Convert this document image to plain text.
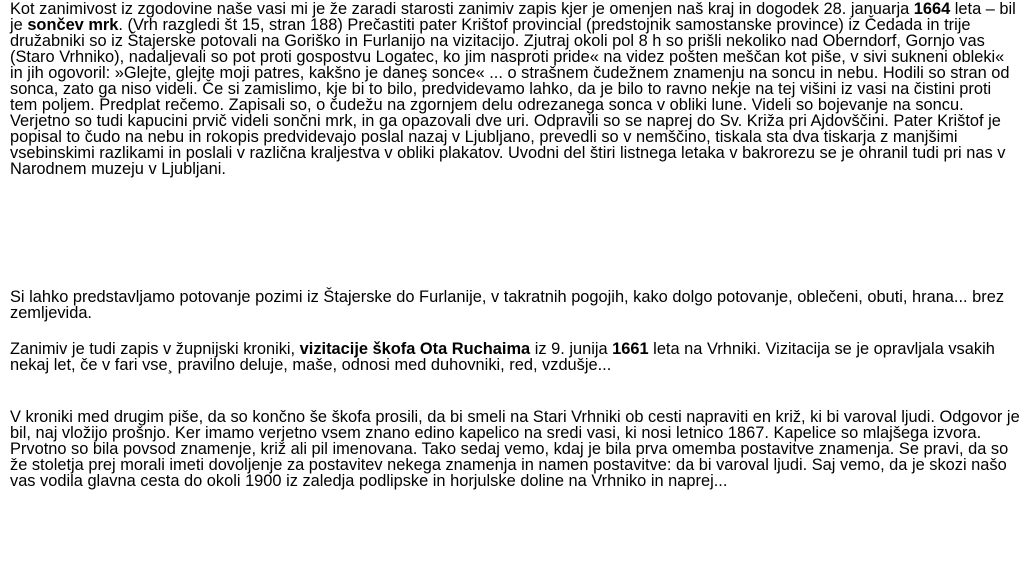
Kot zanimivost iz zgodovine naše vasi mi je že zaradi starosti zanimiv zapis kjer je omenjen naš kraj in dogodek 28. januarja 1664 leta – bil je sončev mrk. (Vrh razgledi št 15, stran 188) Prečastiti pater Krištof provincial (predstojnik samostanske province) iz Čedada in trije družabniki so iz Štajerske potovali na Goriško in Furlanijo na vizitacijo. Zjutraj okoli pol 8 h so prišli nekoliko nad Oberndorf, Gornjo vas (Staro Vrhniko), nadaljevali so pot proti gospostvu Logatec, ko jim nasproti pride« na videz pošten meščan kot piše, v sivi sukneni obleki« in jih ogovoril: »Glejte, glejte moji patres, kakšno je daneş sonce« ... o strašnem čudežnem znamenju na soncu in nebu. Hodili so stran od sonca, zato ga niso videli. Če si zamislimo, kje bi to bilo, predvidevamo lahko, da je bilo to ravno nekje na tej višini iz vasi na čistini proti tem poljem. Predplat rečemo. Zapisali so, o čudežu na zgornjem delu odrezanega sonca v obliki lune. Videli so bojevanje na soncu. Verjetno so tudi kapucini prvič videli sončni mrk, in ga opazovali dve uri. Odpravili so se naprej do Sv. Križa pri Ajdovščini. Pater Krištof je popisal to čudo na nebu in rokopis predvidevajo poslal nazaj v Ljubljano, prevedli so v nemščino, tiskala sta dva tiskarja z manjšimi vsebinskimi razlikami in poslali v različna kraljestva v obliki plakatov. Uvodni del štiri listnega letaka v bakrorezu se je ohranil tudi pri nas v Narodnem muzeju v Ljubljani.
Si lahko predstavljamo potovanje pozimi iz Štajerske do Furlanije, v takratnih pogojih, kako dolgo potovanje, oblečeni, obuti, hrana... brez zemljevida.
Zanimiv je tudi zapis v župnijski kroniki, vizitacije škofa Ota Ruchaima iz 9. junija 1661 leta na Vrhniki. Vizitacija se je opravljala vsakih nekaj let, če v fari vse¸ pravilno deluje, maše, odnosi med duhovniki, red, vzdušje...
V kroniki med drugim piše, da so končno še škofa prosili, da bi smeli na Stari Vrhniki ob cesti napraviti en križ, ki bi varoval ljudi. Odgovor je bil, naj vložijo prošnjo. Ker imamo verjetno vsem znano edino kapelico na sredi vasi, ki nosi letnico 1867. Kapelice so mlajšega izvora. Prvotno so bila povsod znamenje, križ ali pil imenovana. Tako sedaj vemo, kdaj je bila prva omemba postavitve znamenja. Se pravi, da so že stoletja prej morali imeti dovoljenje za postavitev nekega znamenja in namen postavitve: da bi varoval ljudi. Saj vemo, da je skozi našo vas vodila glavna cesta do okoli 1900 iz zaledja podlipske in horjulske doline na Vrhniko in naprej...
